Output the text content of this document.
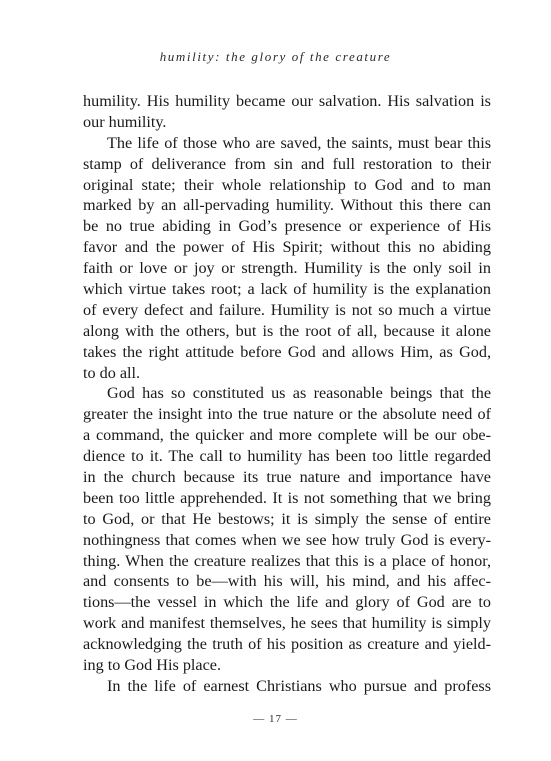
humility: the glory of the creature
humility. His humility became our salvation. His salvation is
our humility.
The life of those who are saved, the saints, must bear this
stamp of deliverance from sin and full restoration to their
original state; their whole relationship to God and to man
marked by an all-pervading humility. Without this there can
be no true abiding in God’s presence or experience of His
favor and the power of His Spirit; without this no abiding
faith or love or joy or strength. Humility is the only soil in
which virtue takes root; a lack of humility is the explanation
of every defect and failure. Humility is not so much a virtue
along with the others, but is the root of all, because it alone
takes the right attitude before God and allows Him, as God,
to do all.
God has so constituted us as reasonable beings that the
greater the insight into the true nature or the absolute need of
a command, the quicker and more complete will be our obe-
dience to it. The call to humility has been too little regarded
in the church because its true nature and importance have
been too little apprehended. It is not something that we bring
to God, or that He bestows; it is simply the sense of entire
nothingness that comes when we see how truly God is every-
thing. When the creature realizes that this is a place of honor,
and consents to be—with his will, his mind, and his affec-
tions—the vessel in which the life and glory of God are to
work and manifest themselves, he sees that humility is simply
acknowledging the truth of his position as creature and yield-
ing to God His place.
In the life of earnest Christians who pursue and profess
— 17 —
